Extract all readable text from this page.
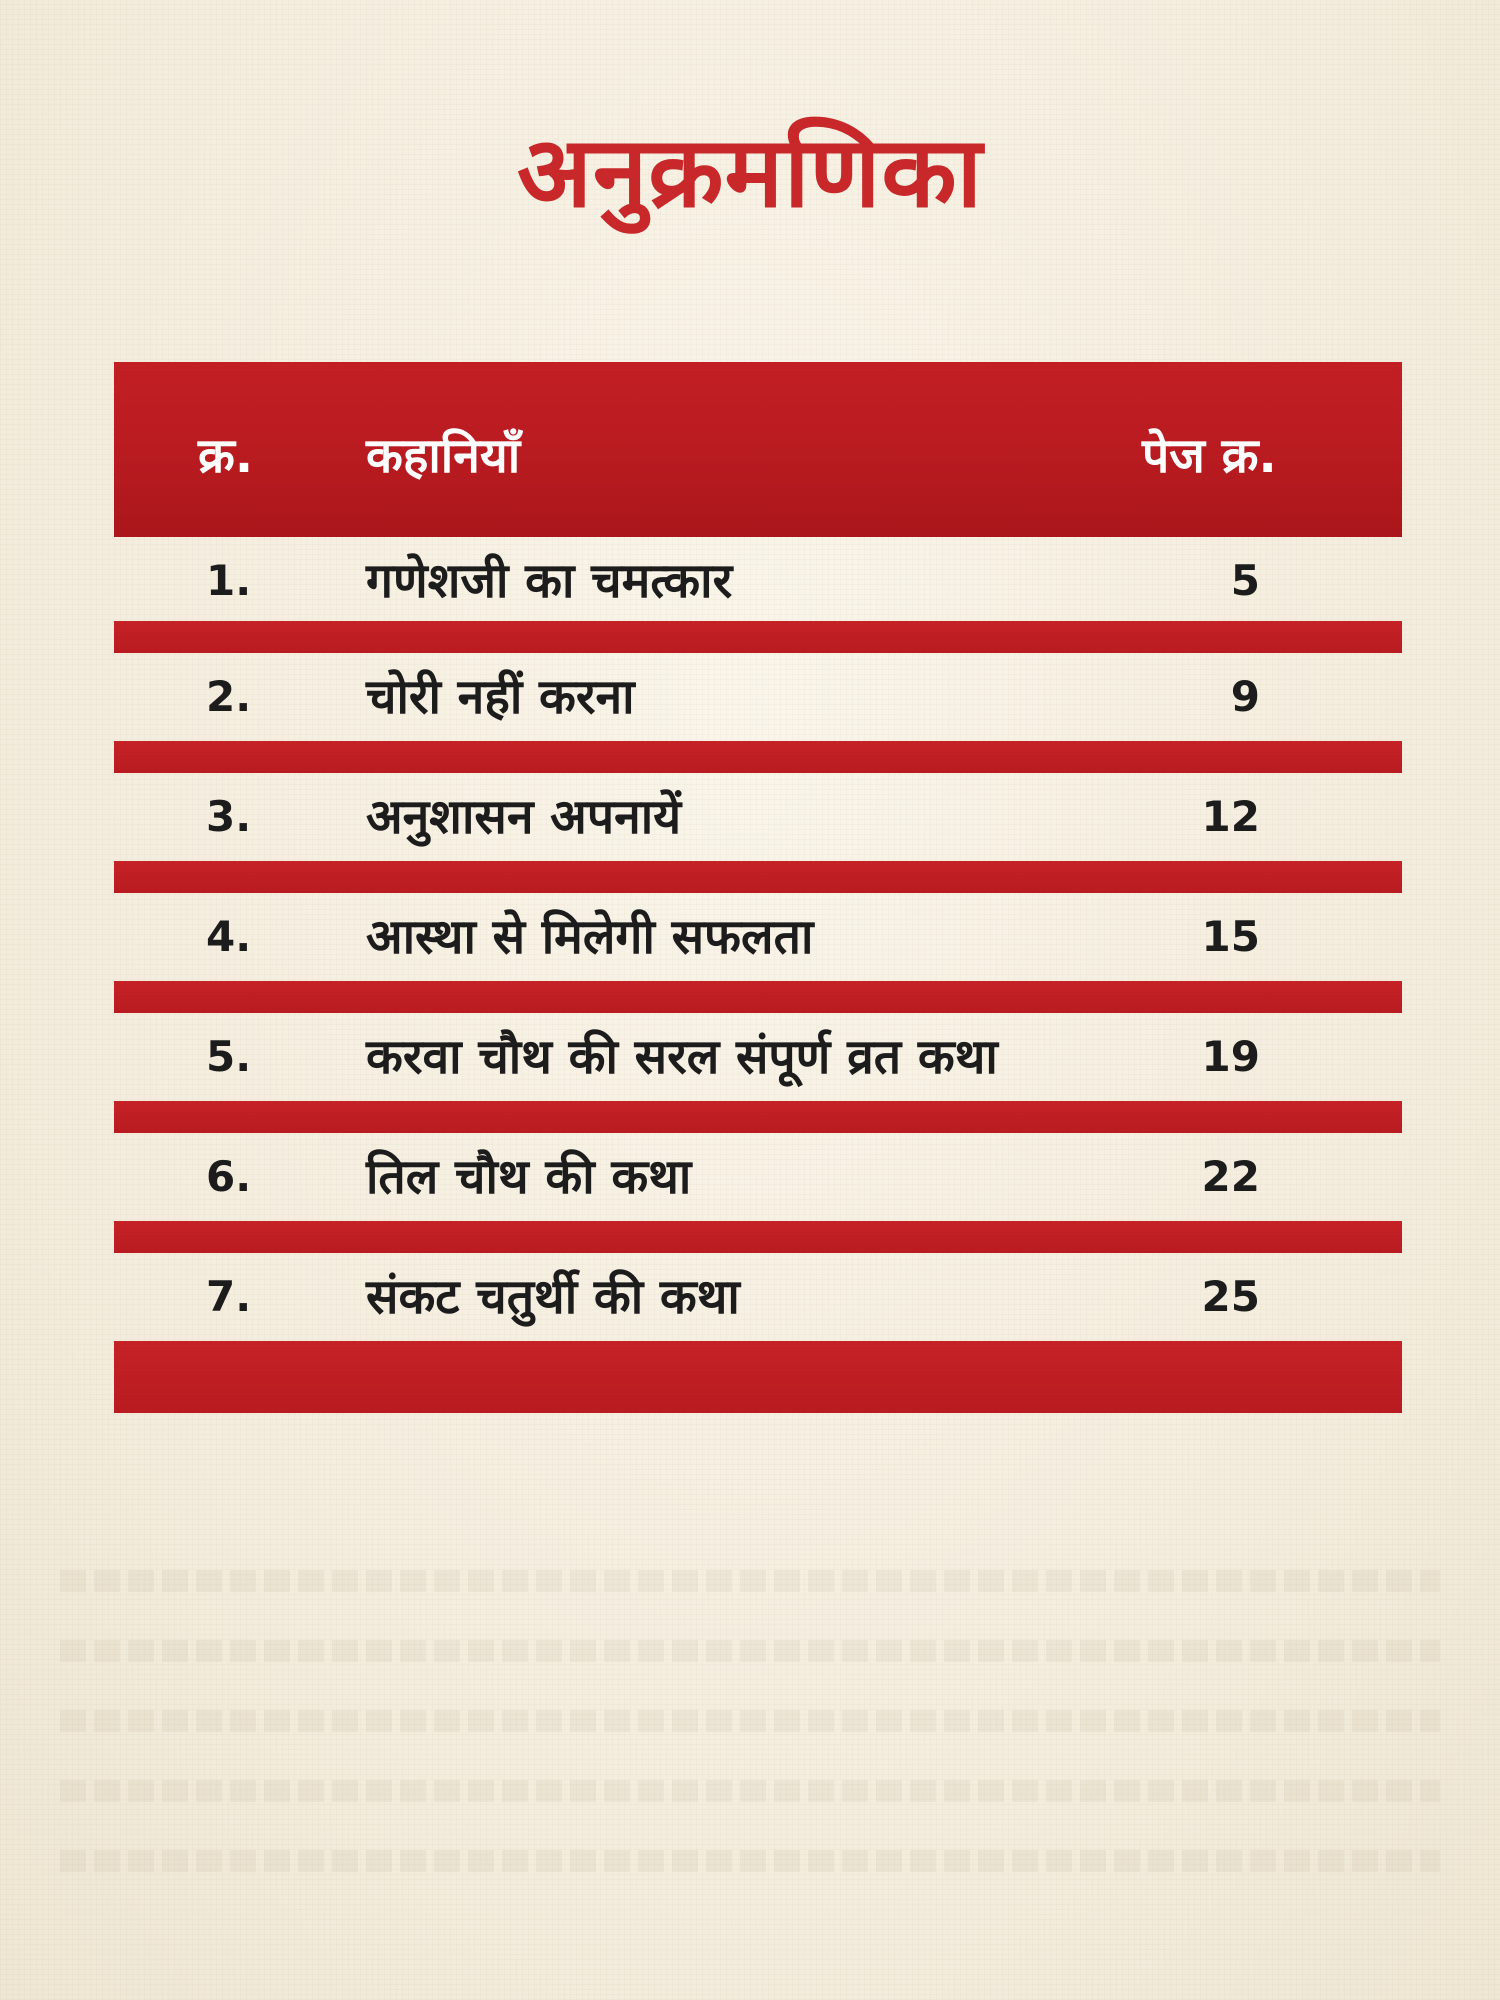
अनुक्रमणिका
क्र. कहानियाँ	पेज क्र.
1. गणेशजी का चमत्कार	5
2. चोरी नहीं करना	9
3. अनुशासन अपनायें	12
4. आस्था से मिलेगी सफलता	15
5. करवा चौथ की सरल संपूर्ण व्रत कथा	19
6. तिल चौथ की कथा	22
7. संकट चतुर्थी की कथा	25
